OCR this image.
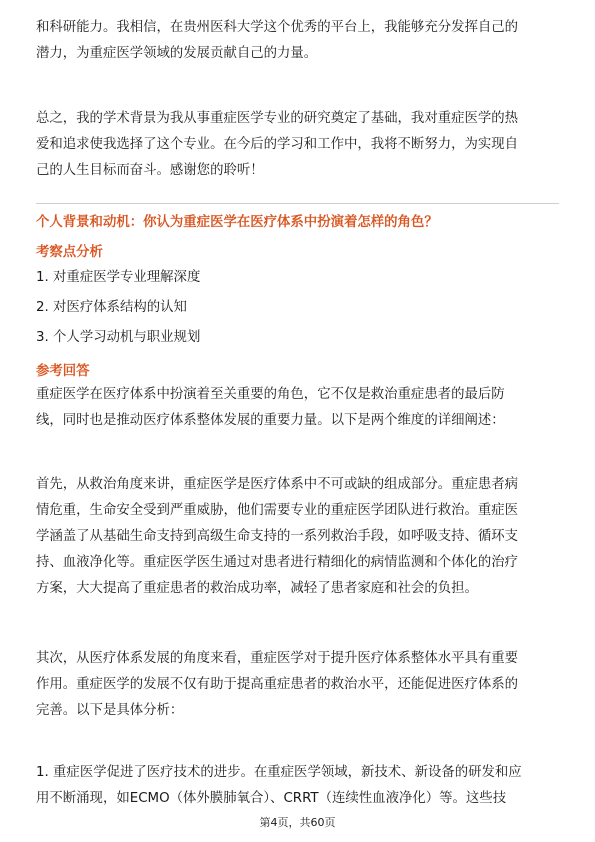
和科研能力。我相信，在贵州医科大学这个优秀的平台上，我能够充分发挥自己的

潜力，为重症医学领域的发展贡献自己的力量。

总之，我的学术背景为我从事重症医学专业的研究奠定了基础，我对重症医学的热

爱和追求使我选择了这个专业。在今后的学习和工作中，我将不断努力，为实现自

己的人生目标而奋斗。感谢您的聆听！

个人背景和动机：你认为重症医学在医疗体系中扮演着怎样的角色？

考察点分析

1. 对重症医学专业理解深度

2. 对医疗体系结构的认知

3. 个人学习动机与职业规划

参考回答

重症医学在医疗体系中扮演着至关重要的角色，它不仅是救治重症患者的最后防

线，同时也是推动医疗体系整体发展的重要力量。以下是两个维度的详细阐述：

首先，从救治角度来讲，重症医学是医疗体系中不可或缺的组成部分。重症患者病

情危重，生命安全受到严重威胁，他们需要专业的重症医学团队进行救治。重症医

学涵盖了从基础生命支持到高级生命支持的一系列救治手段，如呼吸支持、循环支

持、血液净化等。重症医学医生通过对患者进行精细化的病情监测和个体化的治疗

方案，大大提高了重症患者的救治成功率，减轻了患者家庭和社会的负担。

其次，从医疗体系发展的角度来看，重症医学对于提升医疗体系整体水平具有重要

作用。重症医学的发展不仅有助于提高重症患者的救治水平，还能促进医疗体系的

完善。以下是具体分析：

1. 重症医学促进了医疗技术的进步。在重症医学领域，新技术、新设备的研发和应

用不断涌现，如ECMO（体外膜肺氧合）、CRRT（连续性血液净化）等。这些技

第4页，共60页
